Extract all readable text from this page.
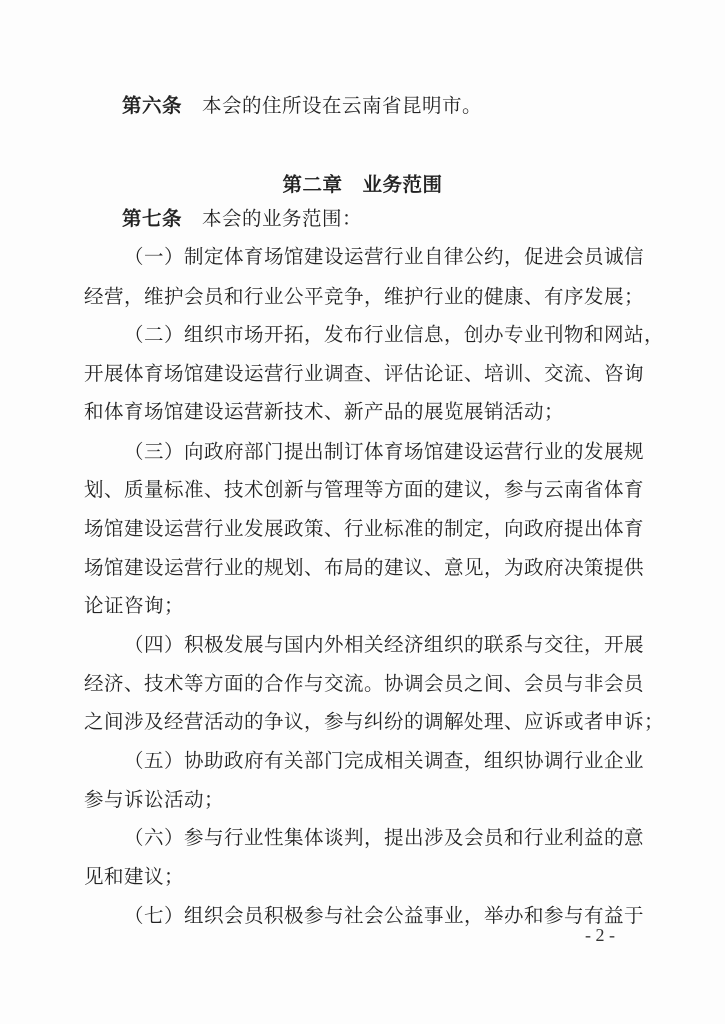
第六条 本会的住所设在云南省昆明市。
第二章 业务范围
第七条 本会的业务范围：
（一）制定体育场馆建设运营行业自律公约，促进会员诚信
经营，维护会员和行业公平竞争，维护行业的健康、有序发展；
（二）组织市场开拓，发布行业信息，创办专业刊物和网站，
开展体育场馆建设运营行业调查、评估论证、培训、交流、咨询
和体育场馆建设运营新技术、新产品的展览展销活动；
（三）向政府部门提出制订体育场馆建设运营行业的发展规
划、质量标准、技术创新与管理等方面的建议，参与云南省体育
场馆建设运营行业发展政策、行业标准的制定，向政府提出体育
场馆建设运营行业的规划、布局的建议、意见，为政府决策提供
论证咨询；
（四）积极发展与国内外相关经济组织的联系与交往，开展
经济、技术等方面的合作与交流。协调会员之间、会员与非会员
之间涉及经营活动的争议，参与纠纷的调解处理、应诉或者申诉；
（五）协助政府有关部门完成相关调查，组织协调行业企业
参与诉讼活动；
（六）参与行业性集体谈判，提出涉及会员和行业利益的意
见和建议；
（七）组织会员积极参与社会公益事业，举办和参与有益于
- 2 -
